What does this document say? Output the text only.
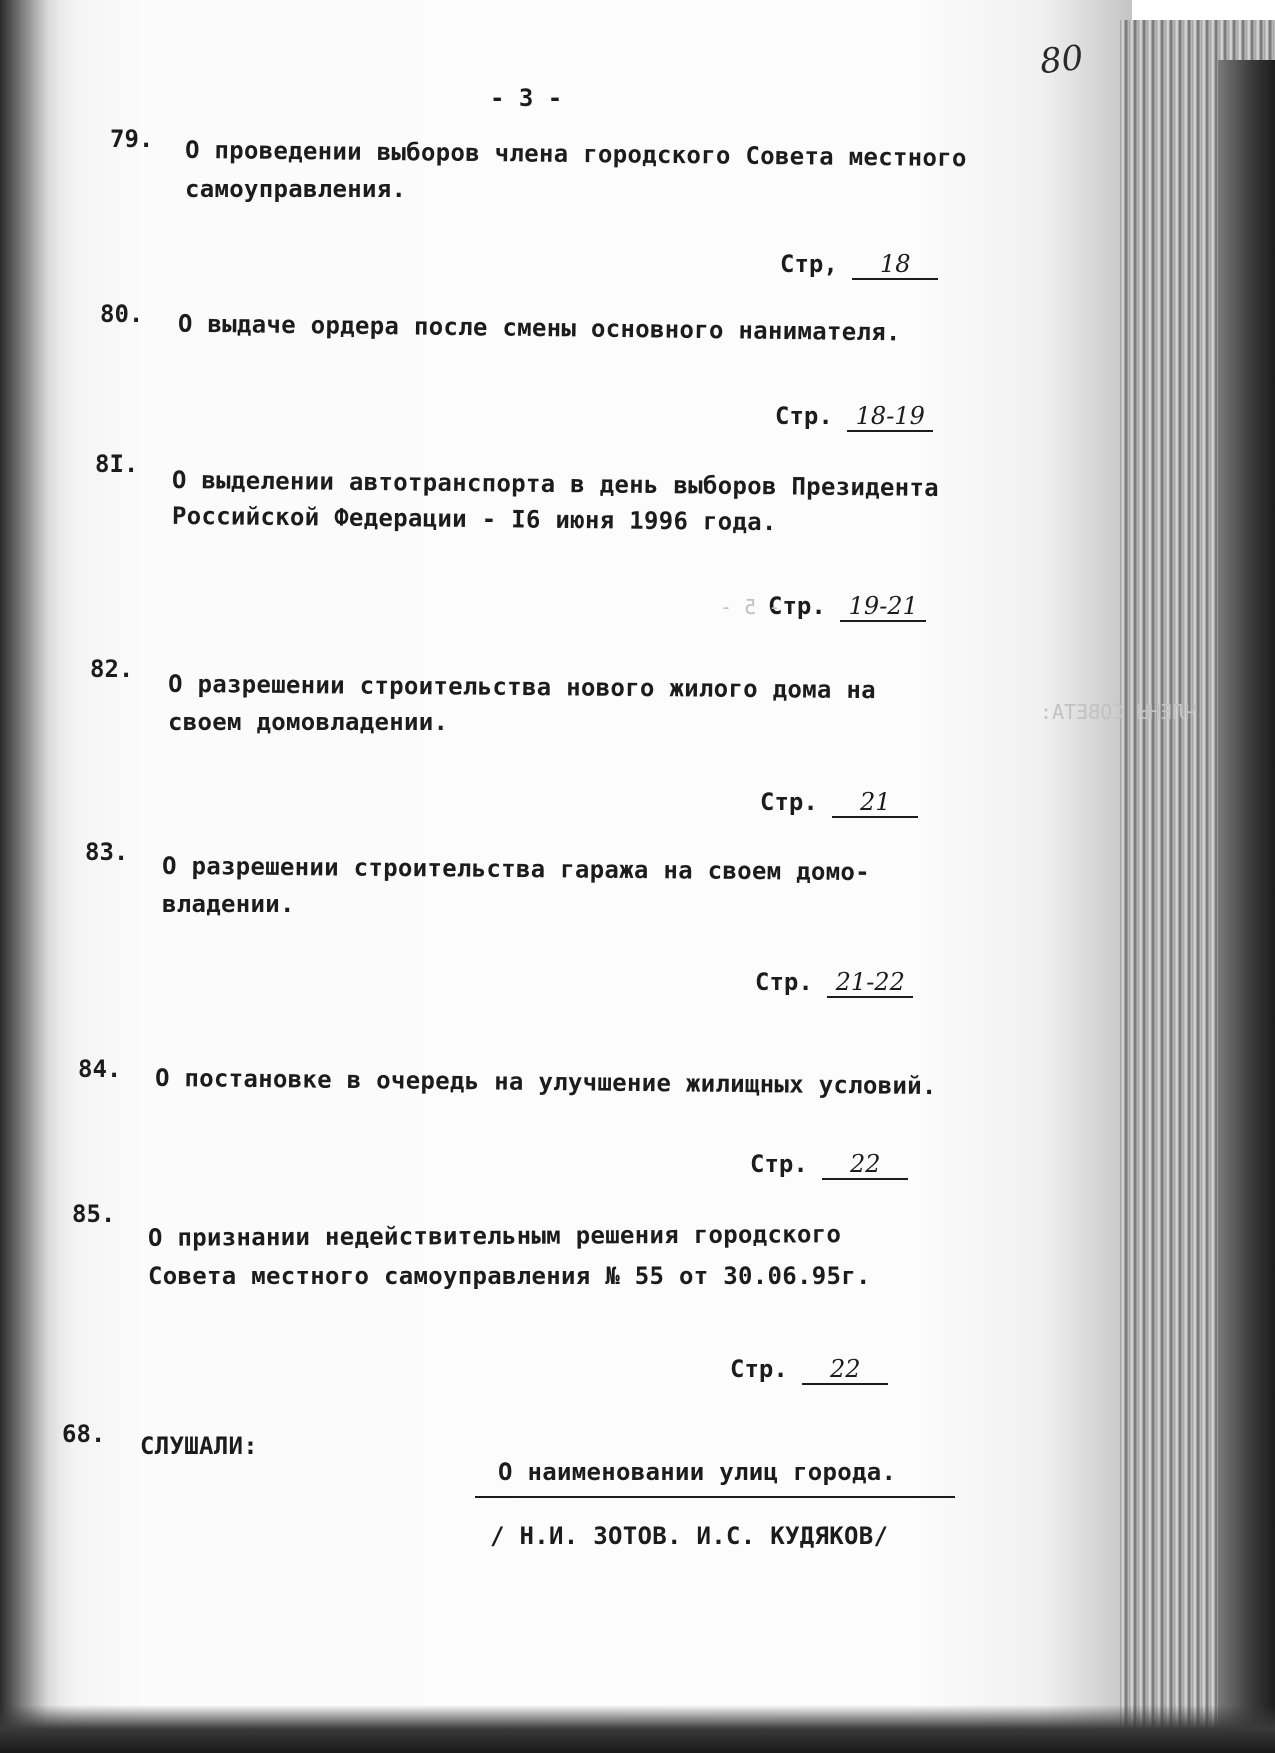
80
- 3 -
79. О проведении выборов члена городского Совета местного
самоуправления.
Стр, 18
80. О выдаче ордера после смены основного нанимателя.
Стр. 18-19
8I.
О выделении автотранспорта в день выборов Президента
Российской Федерации - I6 июня 1996 года.
Стр. 19-21
- 5 -
ЧЛЕНЫ СОВЕТА:
82.
О разрешении строительства нового жилого дома на
своем домовладении.
Стр. 21
83. О разрешении строительства гаража на своем домо-
владении.
Стр. 21-22
84. О постановке в очередь на улучшение жилищных условий.
Стр. 22
85.
О признании недействительным решения городского
Совета местного самоуправления № 55 от 30.06.95г.
Стр. 22
68. СЛУШАЛИ:
О наименовании улиц города.
/ Н.И. ЗОТОВ. И.С. КУДЯКОВ/
